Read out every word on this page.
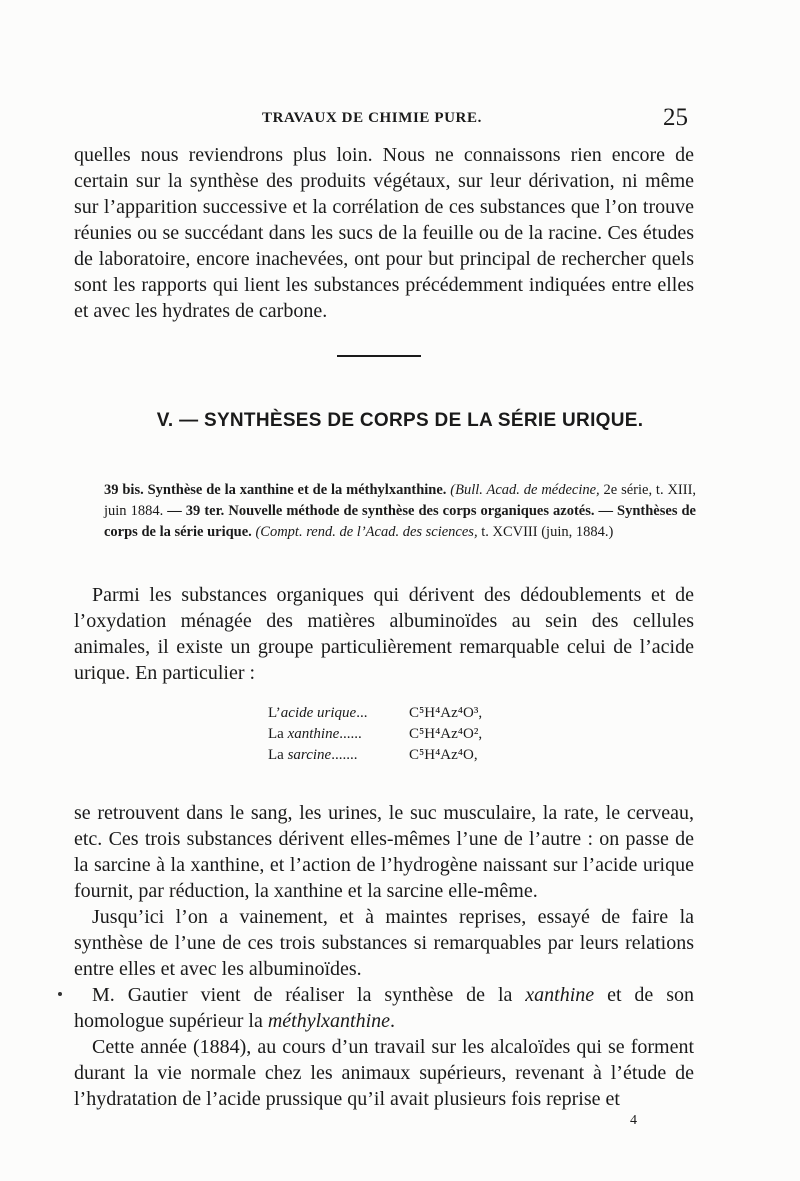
TRAVAUX DE CHIMIE PURE.	25

quelles nous reviendrons plus loin. Nous ne connaissons rien encore de certain sur la synthèse des produits végétaux, sur leur dérivation, ni même sur l’apparition successive et la corrélation de ces substances que l’on trouve réunies ou se succédant dans les sucs de la feuille ou de la racine. Ces études de laboratoire, encore inachevées, ont pour but principal de rechercher quels sont les rapports qui lient les substances précédemment indiquées entre elles et avec les hydrates de carbone.

V. — SYNTHÈSES DE CORPS DE LA SÉRIE URIQUE.

39 bis. Synthèse de la xanthine et de la méthylxanthine. (Bull. Acad. de médecine, 2e série, t. XIII, juin 1884. — 39 ter. Nouvelle méthode de synthèse des corps organiques azotés. — Synthèses de corps de la série urique. (Compt. rend. de l’Acad. des sciences, t. XCVIII (juin, 1884.)

Parmi les substances organiques qui dérivent des dédoublements et de l’oxydation ménagée des matières albuminoïdes au sein des cellules animales, il existe un groupe particulièrement remarquable celui de l’acide urique. En particulier :

L’acide urique...	C⁵H⁴Az⁴O³,
La xanthine......	C⁵H⁴Az⁴O²,
La sarcine.......	C⁵H⁴Az⁴O,

se retrouvent dans le sang, les urines, le suc musculaire, la rate, le cerveau, etc. Ces trois substances dérivent elles-mêmes l’une de l’autre : on passe de la sarcine à la xanthine, et l’action de l’hydrogène naissant sur l’acide urique fournit, par réduction, la xanthine et la sarcine elle-même.

Jusqu’ici l’on a vainement, et à maintes reprises, essayé de faire la synthèse de l’une de ces trois substances si remarquables par leurs relations entre elles et avec les albuminoïdes.

M. Gautier vient de réaliser la synthèse de la xanthine et de son homologue supérieur la méthylxanthine.

Cette année (1884), au cours d’un travail sur les alcaloïdes qui se forment durant la vie normale chez les animaux supérieurs, revenant à l’étude de l’hydratation de l’acide prussique qu’il avait plusieurs fois reprise et

4
